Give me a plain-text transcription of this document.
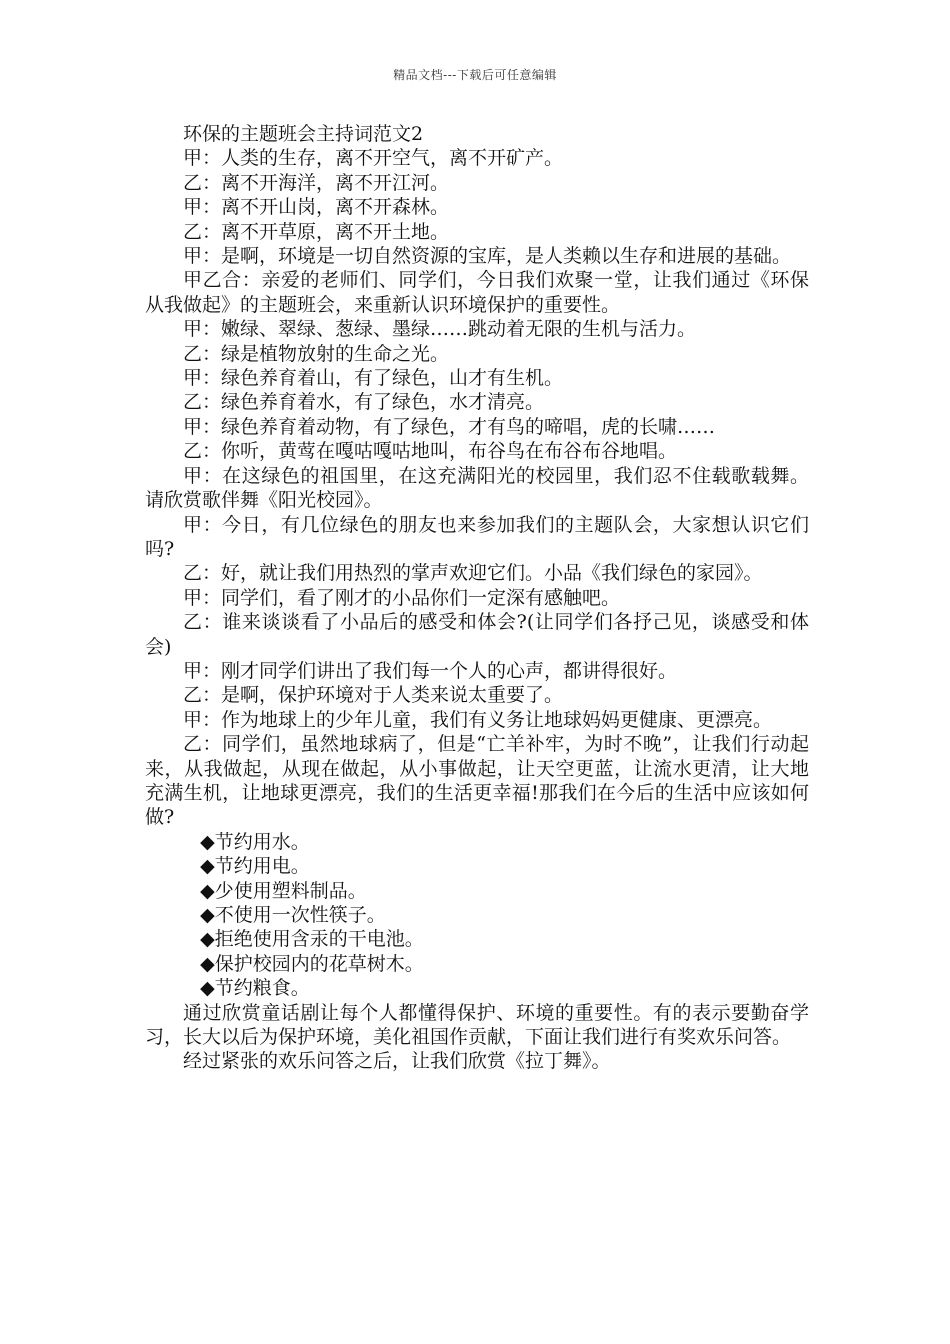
精品文档---下载后可任意编辑

环保的主题班会主持词范文2

甲：人类的生存，离不开空气，离不开矿产。

乙：离不开海洋，离不开江河。

甲：离不开山岗，离不开森林。

乙：离不开草原，离不开土地。

甲：是啊，环境是一切自然资源的宝库，是人类赖以生存和进展的基础。

甲乙合：亲爱的老师们、同学们，今日我们欢聚一堂，让我们通过《环保从我做起》的主题班会，来重新认识环境保护的重要性。

甲：嫩绿、翠绿、葱绿、墨绿……跳动着无限的生机与活力。

乙：绿是植物放射的生命之光。

甲：绿色养育着山，有了绿色，山才有生机。

乙：绿色养育着水，有了绿色，水才清亮。

甲：绿色养育着动物，有了绿色，才有鸟的啼唱，虎的长啸……

乙：你听，黄莺在嘎咕嘎咕地叫，布谷鸟在布谷布谷地唱。

甲：在这绿色的祖国里，在这充满阳光的校园里，我们忍不住载歌载舞。请欣赏歌伴舞《阳光校园》。

甲：今日，有几位绿色的朋友也来参加我们的主题队会，大家想认识它们吗?

乙：好，就让我们用热烈的掌声欢迎它们。小品《我们绿色的家园》。

甲：同学们，看了刚才的小品你们一定深有感触吧。

乙：谁来谈谈看了小品后的感受和体会?(让同学们各抒己见，谈感受和体会)

甲：刚才同学们讲出了我们每一个人的心声，都讲得很好。

乙：是啊，保护环境对于人类来说太重要了。

甲：作为地球上的少年儿童，我们有义务让地球妈妈更健康、更漂亮。

乙：同学们，虽然地球病了，但是“亡羊补牢，为时不晚”，让我们行动起来，从我做起，从现在做起，从小事做起，让天空更蓝，让流水更清，让大地充满生机，让地球更漂亮，我们的生活更幸福!那我们在今后的生活中应该如何做?

◆节约用水。

◆节约用电。

◆少使用塑料制品。

◆不使用一次性筷子。

◆拒绝使用含汞的干电池。

◆保护校园内的花草树木。

◆节约粮食。

通过欣赏童话剧让每个人都懂得保护、环境的重要性。有的表示要勤奋学习，长大以后为保护环境，美化祖国作贡献，下面让我们进行有奖欢乐问答。

经过紧张的欢乐问答之后，让我们欣赏《拉丁舞》。
